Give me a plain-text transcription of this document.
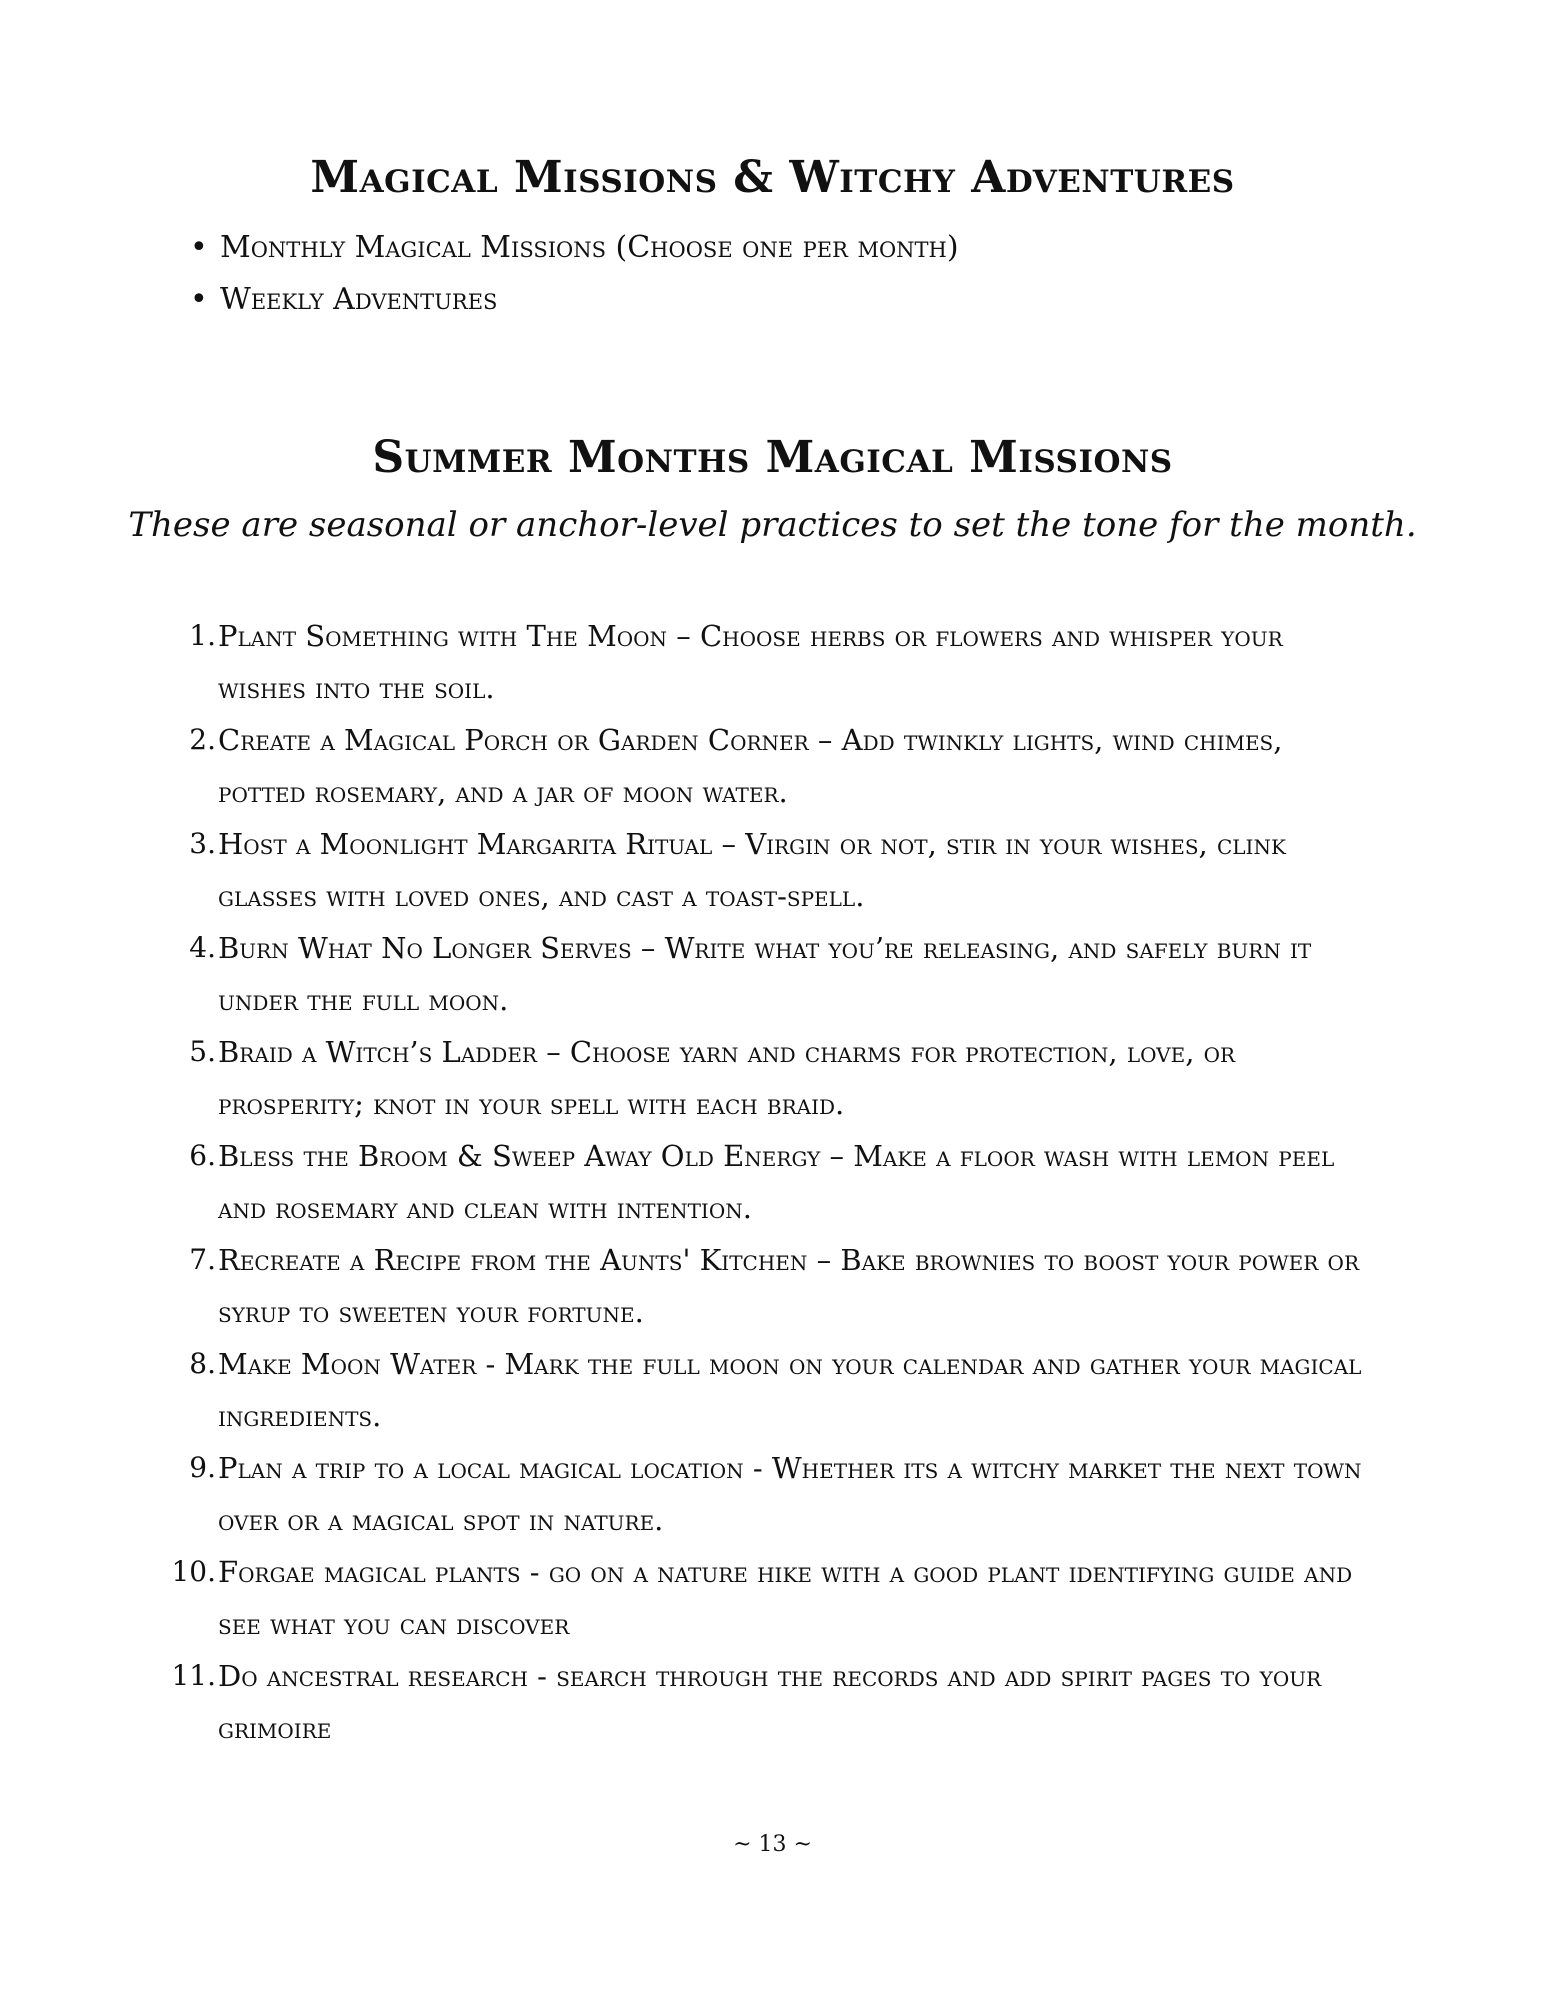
Magical Missions & Witchy Adventures
• Monthly Magical Missions (Choose one per month)
• Weekly Adventures
Summer Months Magical Missions

These are seasonal or anchor-level practices to set the tone for the month.

1. Plant Something with The Moon – Choose herbs or flowers and whisper your wishes into the soil.
2. Create a Magical Porch or Garden Corner – Add twinkly lights, wind chimes, potted rosemary, and a jar of moon water.
3. Host a Moonlight Margarita Ritual – Virgin or not, stir in your wishes, clink glasses with loved ones, and cast a toast-spell.
4. Burn What No Longer Serves – Write what you’re releasing, and safely burn it under the full moon.
5. Braid a Witch’s Ladder – Choose yarn and charms for protection, love, or prosperity; knot in your spell with each braid.
6. Bless the Broom & Sweep Away Old Energy – Make a floor wash with lemon peel and rosemary and clean with intention.
7. Recreate a Recipe from the Aunts' Kitchen – Bake brownies to boost your power or syrup to sweeten your fortune.
8. Make Moon Water - Mark the full moon on your calendar and gather your magical ingredients.
9. Plan a trip to a local magical location - Whether its a witchy market the next town over or a magical spot in nature.
10. Forgae magical plants - go on a nature hike with a good plant identifying guide and see what you can discover
11. Do ancestral research - search through the records and add spirit pages to your grimoire
~ 13 ~
